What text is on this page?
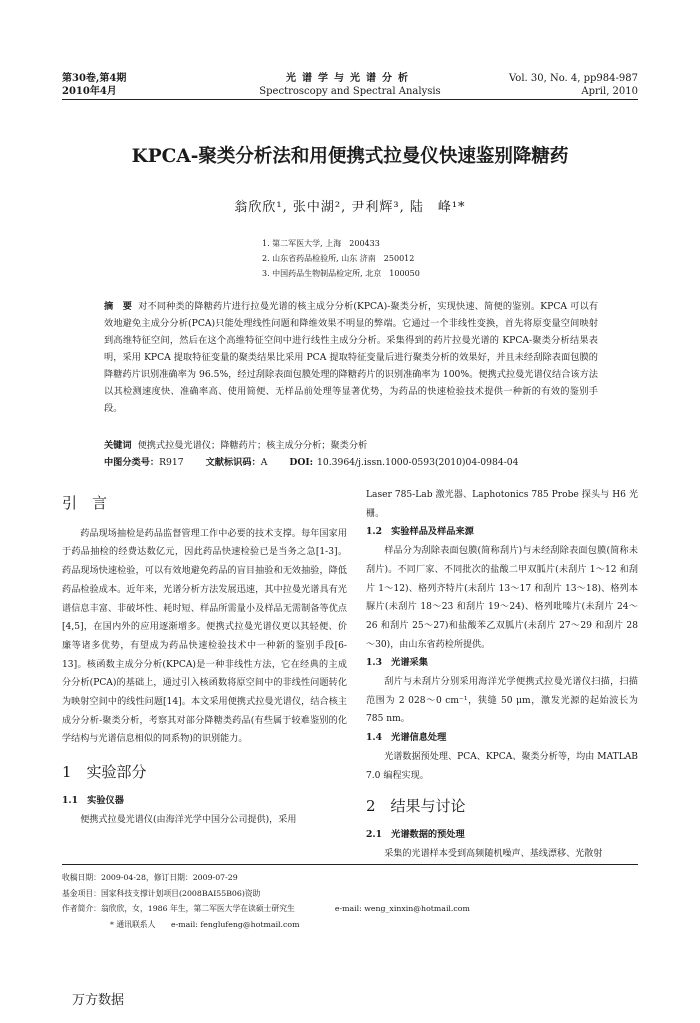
第30卷,第4期
2010年4月
光谱学与光谱分析
Spectroscopy and Spectral Analysis
Vol. 30, No. 4, pp984-987
April, 2010
KPCA-聚类分析法和用便携式拉曼仪快速鉴别降糖药
翁欣欣¹, 张中湖², 尹利辉³, 陆　峰¹*
1. 第二军医大学, 上海　200433
2. 山东省药品检验所, 山东 济南　250012
3. 中国药品生物制品检定所, 北京　100050
摘　要 对不同种类的降糖药片进行拉曼光谱的核主成分分析(KPCA)-聚类分析，实现快速、简便的鉴别。KPCA 可以有效地避免主成分分析(PCA)只能处理线性问题和降维效果不明显的弊端。它通过一个非线性变换，首先将原变量空间映射到高维特征空间，然后在这个高维特征空间中进行线性主成分分析。采集得到的药片拉曼光谱的 KPCA-聚类分析结果表明，采用 KPCA 提取特征变量的聚类结果比采用 PCA 提取特征变量后进行聚类分析的效果好，并且未经刮除表面包膜的降糖药片识别准确率为 96.5%，经过刮除表面包膜处理的降糖药片的识别准确率为 100%。便携式拉曼光谱仪结合该方法以其检测速度快、准确率高、使用简便、无样品前处理等显著优势，为药品的快速检验技术提供一种新的有效的鉴别手段。
关键词 便携式拉曼光谱仪；降糖药片；核主成分分析；聚类分析
中图分类号：R917 文献标识码：A DOI: 10.3964/j.issn.1000-0593(2010)04-0984-04
引　言

药品现场抽检是药品监督管理工作中必要的技术支撑。每年国家用于药品抽检的经费达数亿元，因此药品快速检验已是当务之急[1-3]。药品现场快速检验，可以有效地避免药品的盲目抽验和无效抽验，降低药品检验成本。近年来，光谱分析方法发展迅速，其中拉曼光谱具有光谱信息丰富、非破坏性、耗时短、样品所需量小及样品无需制备等优点[4,5]，在国内外的应用逐渐增多。便携式拉曼光谱仪更以其轻便、价廉等诸多优势，有望成为药品快速检验技术中一种新的鉴别手段[6-13]。核函数主成分分析(KPCA)是一种非线性方法，它在经典的主成分分析(PCA)的基础上，通过引入核函数将原空间中的非线性问题转化为映射空间中的线性问题[14]。本文采用便携式拉曼光谱仪，结合核主成分分析-聚类分析，考察其对部分降糖类药品(有些属于较难鉴别的化学结构与光谱信息相似的同系物)的识别能力。

1　实验部分
1.1　实验仪器

便携式拉曼光谱仪(由海洋光学中国分公司提供)，采用

Laser 785-Lab 激光器、Laphotonics 785 Probe 探头与 H6 光栅。

1.2　实验样品及样品来源

样品分为刮除表面包膜(简称刮片)与未经刮除表面包膜(简称未刮片)。不同厂家、不同批次的盐酸二甲双胍片(未刮片 1～12 和刮片 1～12)、格列齐特片(未刮片 13～17 和刮片 13～18)、格列本脲片(未刮片 18～23 和刮片 19～24)、格列吡嗪片(未刮片 24～26 和刮片 25～27)和盐酸苯乙双胍片(未刮片 27～29 和刮片 28～30)，由山东省药检所提供。

1.3　光谱采集

刮片与未刮片分别采用海洋光学便携式拉曼光谱仪扫描，扫描范围为 2 028～0 cm⁻¹，狭缝 50 μm，激发光源的起始波长为 785 nm。

1.4　光谱信息处理

光谱数据预处理、PCA、KPCA、聚类分析等，均由 MATLAB 7.0 编程实现。

2　结果与讨论
2.1　光谱数据的预处理

采集的光谱样本受到高频随机噪声、基线漂移、光散射

收稿日期：2009-04-28，修订日期：2009-07-29
基金项目：国家科技支撑计划项目(2008BAI55B06)资助
作者简介：翁欣欣，女，1986 年生，第二军医大学在读硕士研究生	e-mail: weng_xinxin@hotmail.com
* 通讯联系人　　e-mail: fenglufeng@hotmail.com
万方数据
